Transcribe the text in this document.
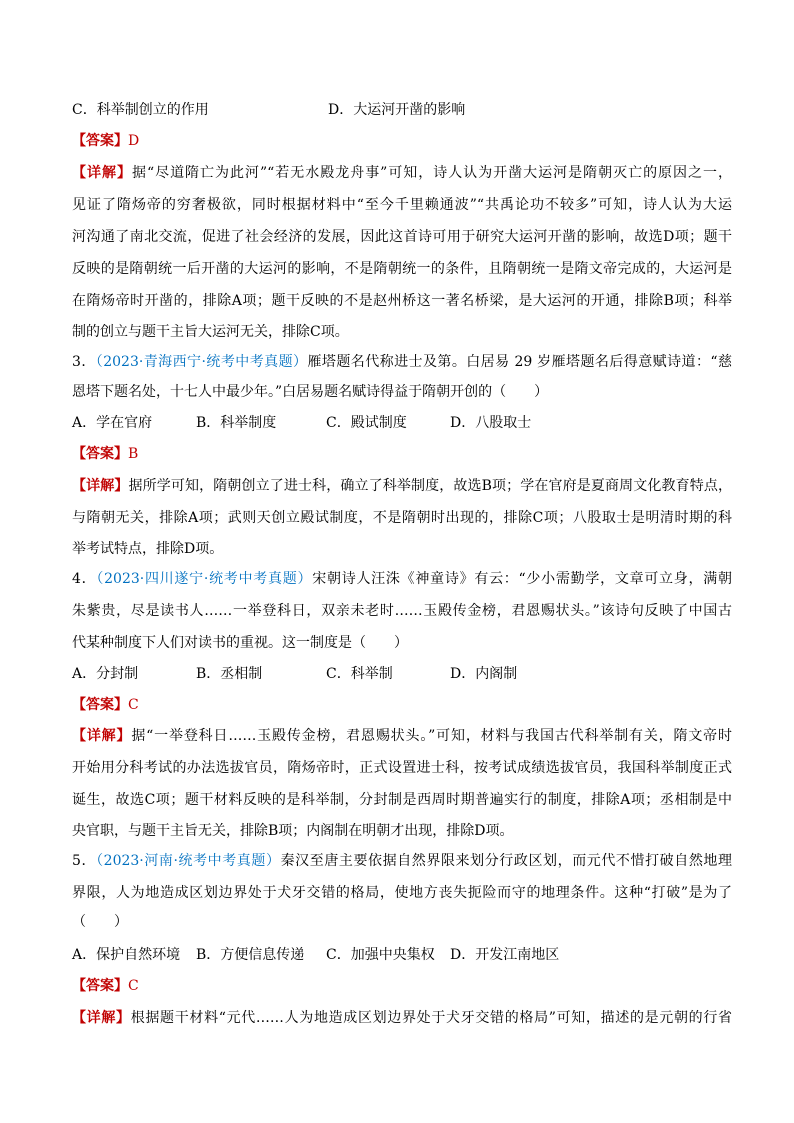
C．科举制创立的作用	D．大运河开凿的影响
【答案】D
【详解】据“尽道隋亡为此河”“若无水殿龙舟事”可知，诗人认为开凿大运河是隋朝灭亡的原因之一，
见证了隋炀帝的穷奢极欲，同时根据材料中“至今千里赖通波”“共禹论功不较多”可知，诗人认为大运
河沟通了南北交流，促进了社会经济的发展，因此这首诗可用于研究大运河开凿的影响，故选D项；题干
反映的是隋朝统一后开凿的大运河的影响，不是隋朝统一的条件，且隋朝统一是隋文帝完成的，大运河是
在隋炀帝时开凿的，排除A项；题干反映的不是赵州桥这一著名桥梁，是大运河的开通，排除B项；科举
制的创立与题干主旨大运河无关，排除C项。
3．（2023·青海西宁·统考中考真题）雁塔题名代称进士及第。白居易 29 岁雁塔题名后得意赋诗道：“慈
恩塔下题名处，十七人中最少年。”白居易题名赋诗得益于隋朝开创的（　　）
A．学在官府	B．科举制度	C．殿试制度	D．八股取士
【答案】B
【详解】据所学可知，隋朝创立了进士科，确立了科举制度，故选B项；学在官府是夏商周文化教育特点，
与隋朝无关，排除A项；武则天创立殿试制度，不是隋朝时出现的，排除C项；八股取士是明清时期的科
举考试特点，排除D项。
4．（2023·四川遂宁·统考中考真题）宋朝诗人汪洙《神童诗》有云：“少小需勤学，文章可立身，满朝
朱紫贵，尽是读书人……一举登科日，双亲未老时……玉殿传金榜，君恩赐状头。”该诗句反映了中国古
代某种制度下人们对读书的重视。这一制度是（　　）
A．分封制	B．丞相制	C．科举制	D．内阁制
【答案】C
【详解】据“一举登科日……玉殿传金榜，君恩赐状头。”可知，材料与我国古代科举制有关，隋文帝时
开始用分科考试的办法选拔官员，隋炀帝时，正式设置进士科，按考试成绩选拔官员，我国科举制度正式
诞生，故选C项；题干材料反映的是科举制，分封制是西周时期普遍实行的制度，排除A项；丞相制是中
央官职，与题干主旨无关，排除B项；内阁制在明朝才出现，排除D项。
5．（2023·河南·统考中考真题）秦汉至唐主要依据自然界限来划分行政区划，而元代不惜打破自然地理
界限，人为地造成区划边界处于犬牙交错的格局，使地方丧失扼险而守的地理条件。这种“打破”是为了
（　　）
A．保护自然环境 B．方便信息传递 C．加强中央集权 D．开发江南地区
【答案】C
【详解】根据题干材料“元代……人为地造成区划边界处于犬牙交错的格局”可知，描述的是元朝的行省
